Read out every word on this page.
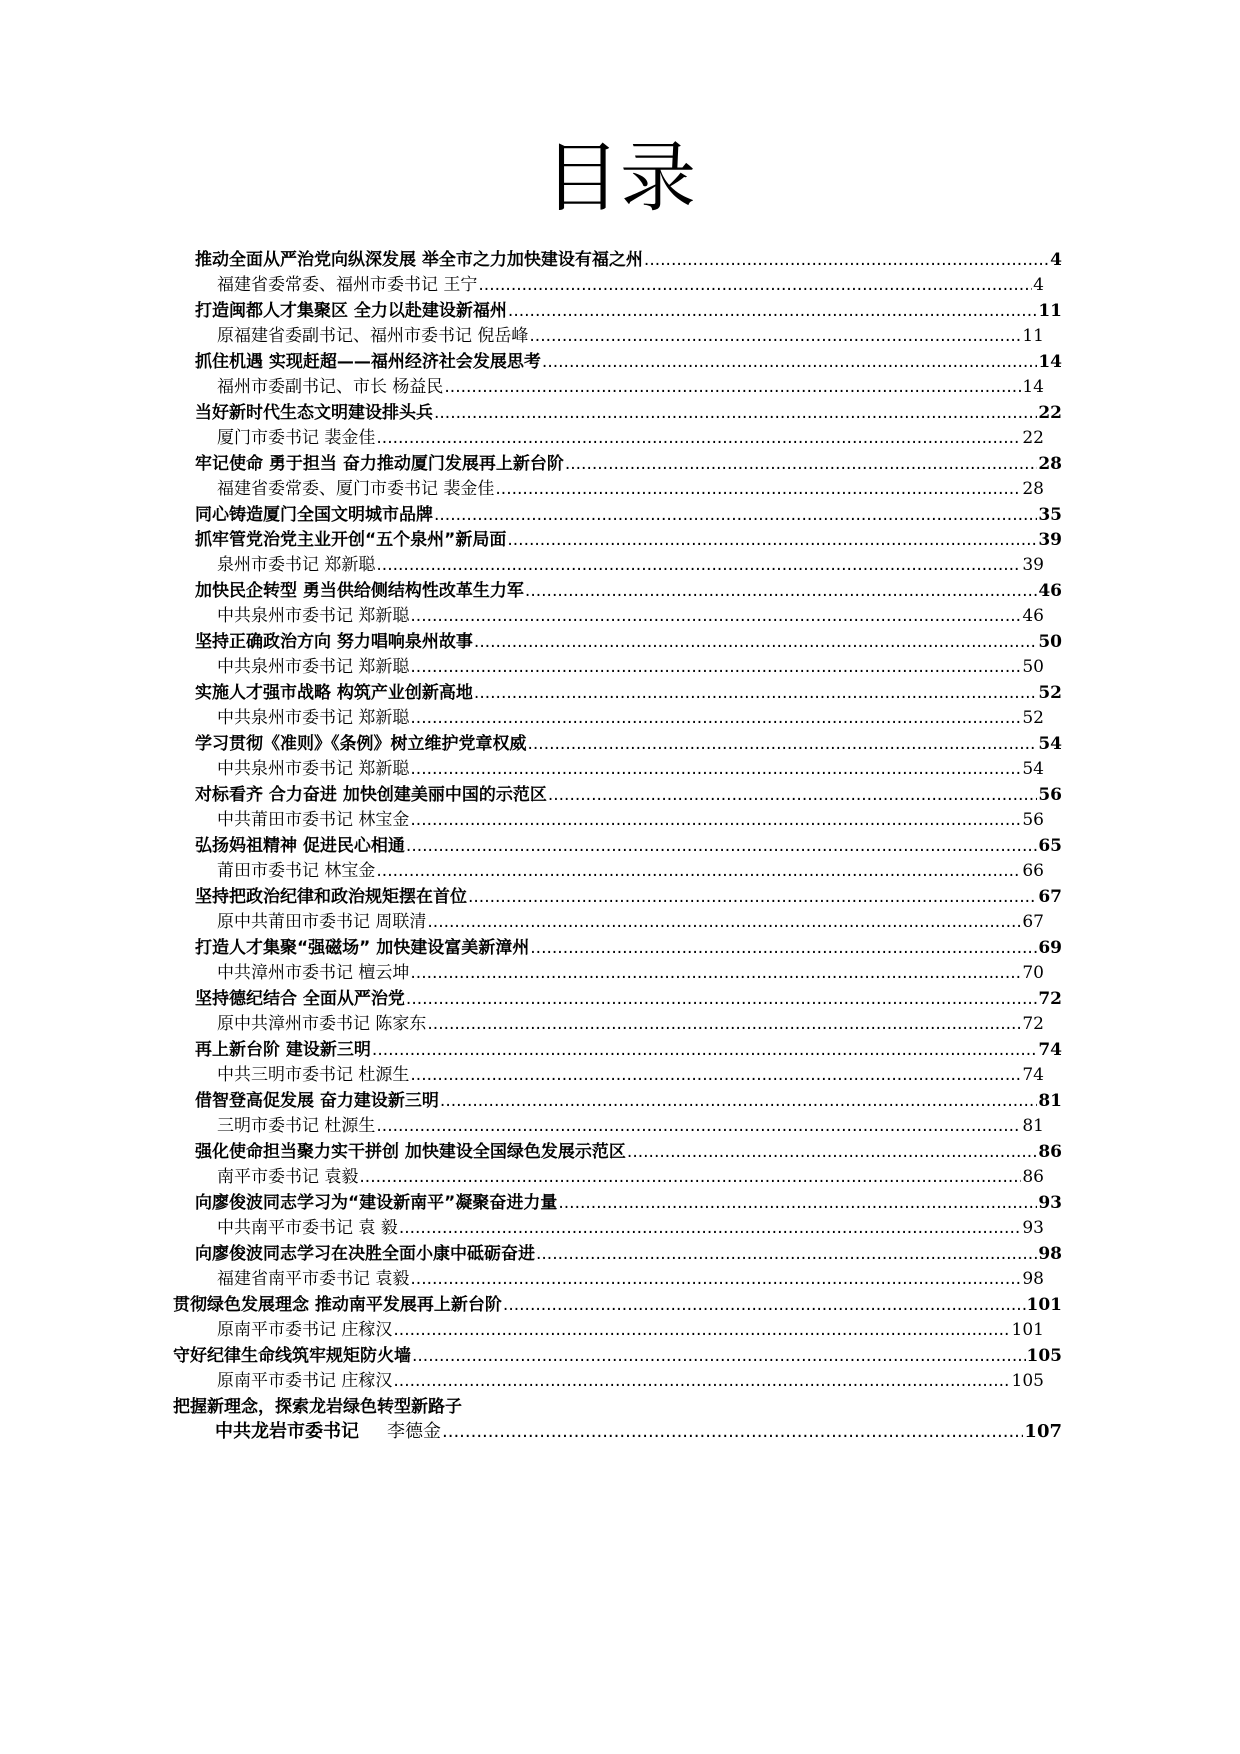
目录
推动全面从严治党向纵深发展 举全市之力加快建设有福之州 .....	4
福建省委常委、福州市委书记 王宁 .....	4
打造闽都人才集聚区 全力以赴建设新福州 .....	11
原福建省委副书记、福州市委书记 倪岳峰 .....	11
抓住机遇 实现赶超——福州经济社会发展思考 .....	14
福州市委副书记、市长 杨益民 .....	14
当好新时代生态文明建设排头兵 .....	22
厦门市委书记 裴金佳 .....	22
牢记使命 勇于担当 奋力推动厦门发展再上新台阶 .....	28
福建省委常委、厦门市委书记 裴金佳 .....	28
同心铸造厦门全国文明城市品牌 .....	35
抓牢管党治党主业开创“五个泉州”新局面 .....	39
泉州市委书记 郑新聪 .....	39
加快民企转型 勇当供给侧结构性改革生力军 .....	46
中共泉州市委书记 郑新聪 .....	46
坚持正确政治方向 努力唱响泉州故事 .....	50
中共泉州市委书记 郑新聪 .....	50
实施人才强市战略 构筑产业创新高地 .....	52
中共泉州市委书记 郑新聪 .....	52
学习贯彻《准则》《条例》树立维护党章权威 .....	54
中共泉州市委书记 郑新聪 .....	54
对标看齐 合力奋进 加快创建美丽中国的示范区 .....	56
中共莆田市委书记 林宝金 .....	56
弘扬妈祖精神 促进民心相通 .....	65
莆田市委书记 林宝金 .....	66
坚持把政治纪律和政治规矩摆在首位 .....	67
原中共莆田市委书记 周联清 .....	67
打造人才集聚“强磁场” 加快建设富美新漳州 .....	69
中共漳州市委书记 檀云坤 .....	70
坚持德纪结合 全面从严治党 .....	72
原中共漳州市委书记 陈家东 .....	72
再上新台阶 建设新三明 .....	74
中共三明市委书记 杜源生 .....	74
借智登高促发展 奋力建设新三明 .....	81
三明市委书记 杜源生 .....	81
强化使命担当聚力实干拼创 加快建设全国绿色发展示范区 .....	86
南平市委书记 袁毅 .....	86
向廖俊波同志学习为“建设新南平”凝聚奋进力量 .....	93
中共南平市委书记 袁 毅 .....	93
向廖俊波同志学习在决胜全面小康中砥砺奋进 .....	98
福建省南平市委书记 袁毅 .....	98
贯彻绿色发展理念 推动南平发展再上新台阶 .....	101
原南平市委书记 庄稼汉 .....	101
守好纪律生命线筑牢规矩防火墙 .....	105
原南平市委书记 庄稼汉 .....	105
把握新理念，探索龙岩绿色转型新路子
中共龙岩市委书记 李德金 .....	107
